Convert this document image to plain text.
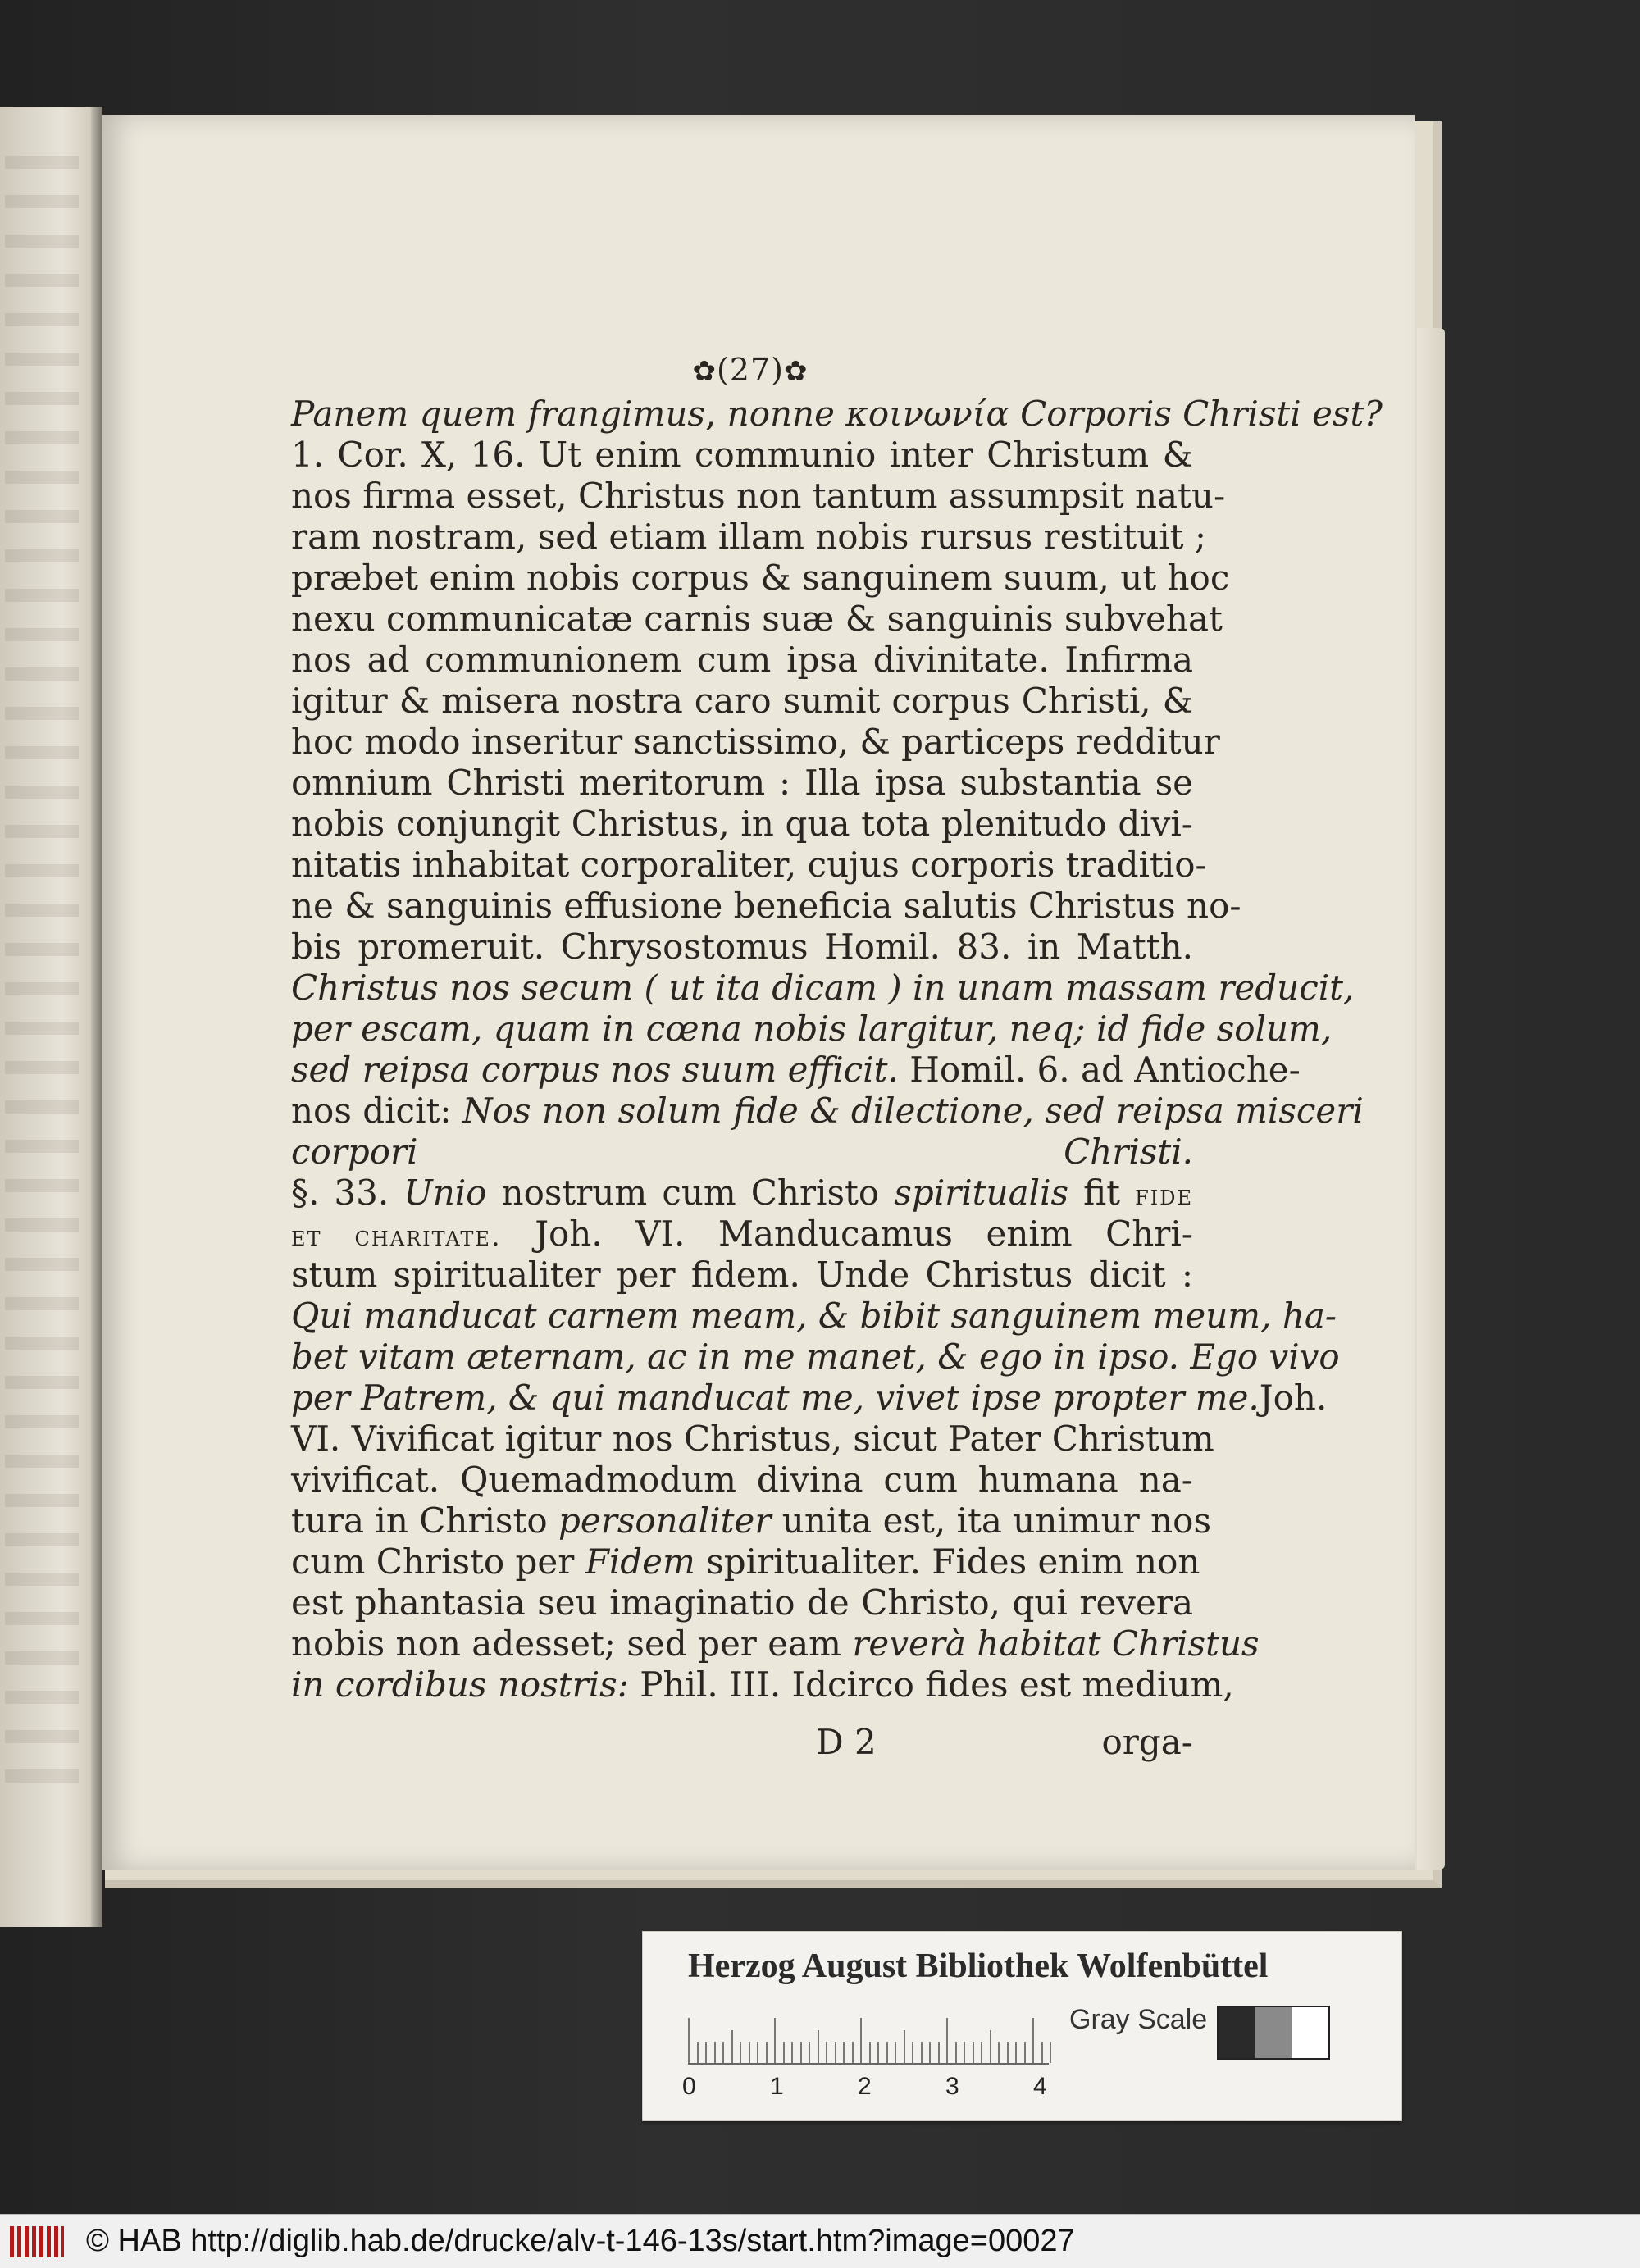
✿(27)✿
Panem quem frangimus, nonne κοινωνία Corporis Christi est?
1. Cor. X, 16. Ut enim communio inter Christum &
nos firma esset, Christus non tantum assumpsit natu-
ram nostram, sed etiam illam nobis rursus restituit ;
præbet enim nobis corpus & sanguinem suum, ut hoc
nexu communicatæ carnis suæ & sanguinis subvehat
nos ad communionem cum ipsa divinitate. Infirma
igitur & misera nostra caro sumit corpus Christi, &
hoc modo inseritur sanctissimo, & particeps redditur
omnium Christi meritorum : Illa ipsa substantia se
nobis conjungit Christus, in qua tota plenitudo divi-
nitatis inhabitat corporaliter, cujus corporis traditio-
ne & sanguinis effusione beneficia salutis Christus no-
bis promeruit. Chrysostomus Homil. 83. in Matth.
Christus nos secum ( ut ita dicam ) in unam massam reducit,
per escam, quam in cœna nobis largitur, neq; id fide solum,
sed reipsa corpus nos suum efficit. Homil. 6. ad Antioche-
nos dicit: Nos non solum fide & dilectione, sed reipsa misceri
corpori Christi.
§. 33. Unio nostrum cum Christo spiritualis fit fide
et charitate. Joh. VI. Manducamus enim Chri-
stum spiritualiter per fidem. Unde Christus dicit :
Qui manducat carnem meam, & bibit sanguinem meum, ha-
bet vitam æternam, ac in me manet, & ego in ipso. Ego vivo
per Patrem, & qui manducat me, vivet ipse propter me.Joh.
VI. Vivificat igitur nos Christus, sicut Pater Christum
vivificat. Quemadmodum divina cum humana na-
tura in Christo personaliter unita est, ita unimur nos
cum Christo per Fidem spiritualiter. Fides enim non
est phantasia seu imaginatio de Christo, qui revera
nobis non adesset; sed per eam reverà habitat Christus
in cordibus nostris: Phil. III. Idcirco fides est medium,
D 2	orga-
Herzog August Bibliothek Wolfenbüttel
0	1	2	3	4
Gray Scale
© HAB http://diglib.hab.de/drucke/alv-t-146-13s/start.htm?image=00027
